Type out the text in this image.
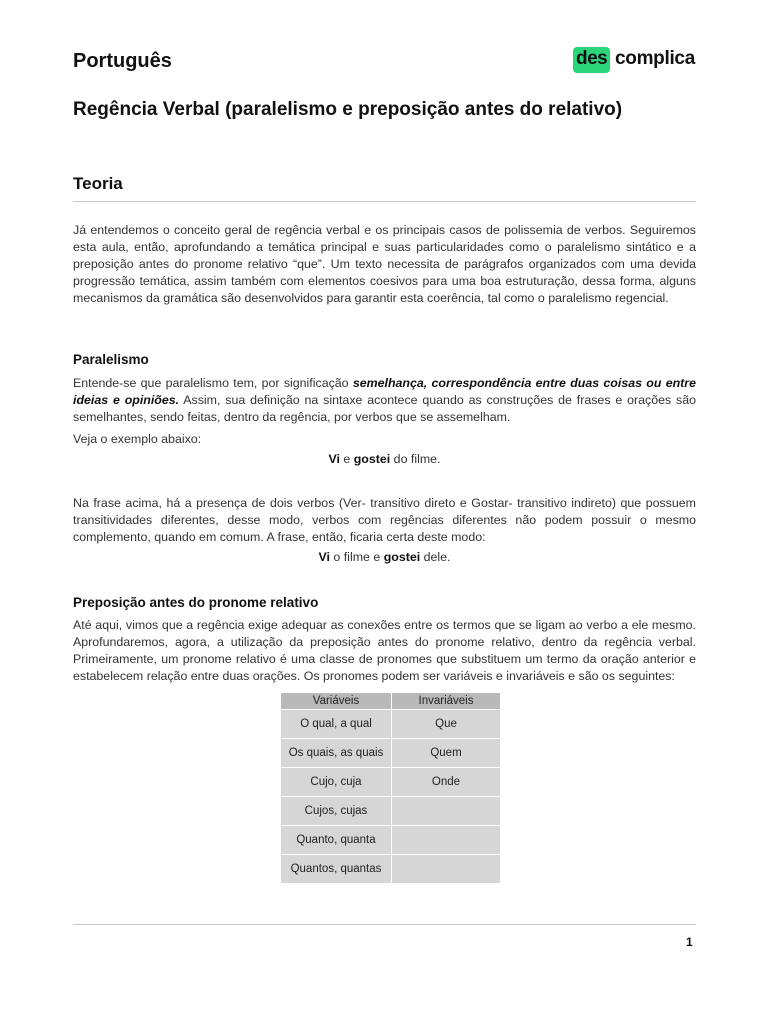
Português	des complica
Regência Verbal (paralelismo e preposição antes do relativo)
Teoria
Já entendemos o conceito geral de regência verbal e os principais casos de polissemia de verbos. Seguiremos esta aula, então, aprofundando a temática principal e suas particularidades como o paralelismo sintático e a preposição antes do pronome relativo “que”. Um texto necessita de parágrafos organizados com uma devida progressão temática, assim também com elementos coesivos para uma boa estruturação, dessa forma, alguns mecanismos da gramática são desenvolvidos para garantir esta coerência, tal como o paralelismo regencial.
Paralelismo
Entende-se que paralelismo tem, por significação semelhança, correspondência entre duas coisas ou entre ideias e opiniões. Assim, sua definição na sintaxe acontece quando as construções de frases e orações são semelhantes, sendo feitas, dentro da regência, por verbos que se assemelham.
Veja o exemplo abaixo:
Vi e gostei do filme.
Na frase acima, há a presença de dois verbos (Ver- transitivo direto e Gostar- transitivo indireto) que possuem transitividades diferentes, desse modo, verbos com regências diferentes não podem possuir o mesmo complemento, quando em comum. A frase, então, ficaria certa deste modo:
Vi o filme e gostei dele.
Preposição antes do pronome relativo
Até aqui, vimos que a regência exige adequar as conexões entre os termos que se ligam ao verbo a ele mesmo. Aprofundaremos, agora, a utilização da preposição antes do pronome relativo, dentro da regência verbal. Primeiramente, um pronome relativo é uma classe de pronomes que substituem um termo da oração anterior e estabelecem relação entre duas orações. Os pronomes podem ser variáveis e invariáveis e são os seguintes:
Variáveis	Invariáveis
O qual, a qual	Que
Os quais, as quais	Quem
Cujo, cuja	Onde
Cujos, cujas	
Quanto, quanta	
Quantos, quantas	
1
